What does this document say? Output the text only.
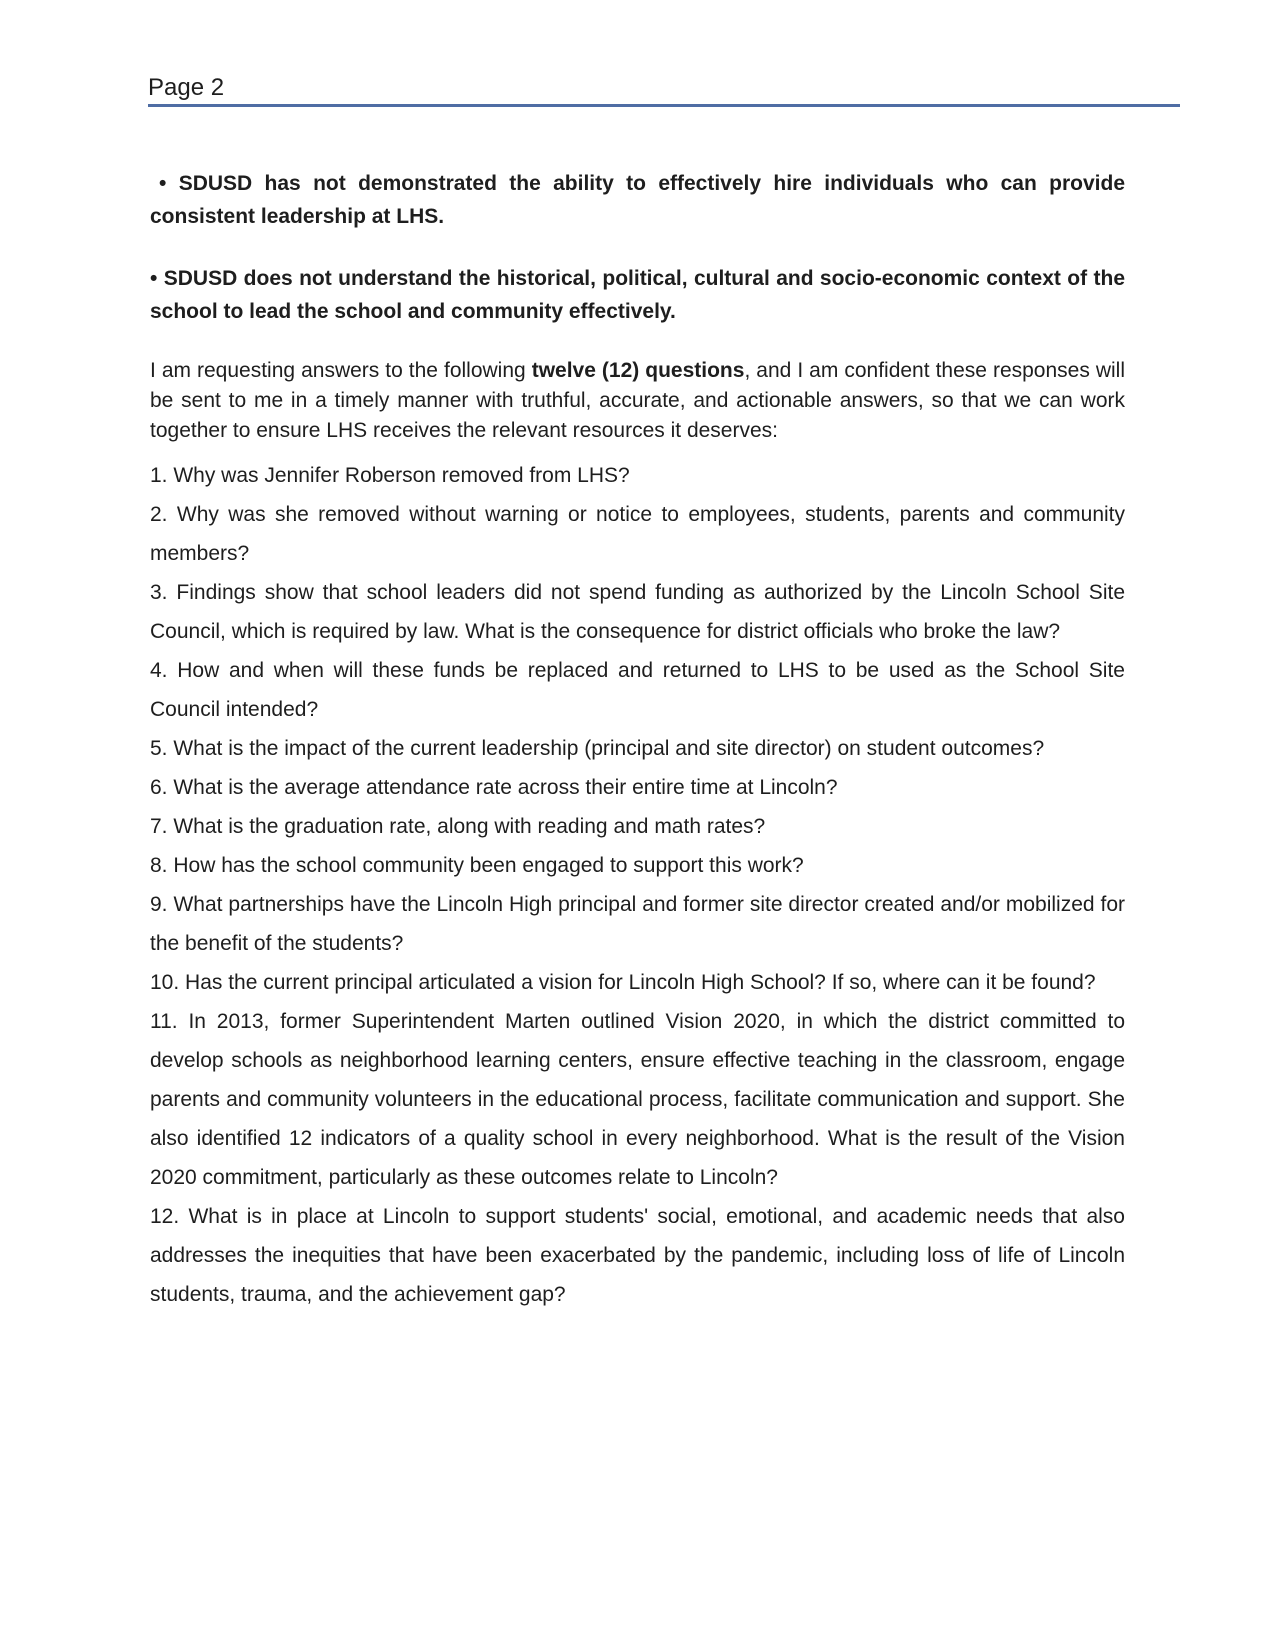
Page 2

• SDUSD has not demonstrated the ability to effectively hire individuals who can provide consistent leadership at LHS.

• SDUSD does not understand the historical, political, cultural and socio-economic context of the school to lead the school and community effectively.

I am requesting answers to the following twelve (12) questions, and I am confident these responses will be sent to me in a timely manner with truthful, accurate, and actionable answers, so that we can work together to ensure LHS receives the relevant resources it deserves:

1. Why was Jennifer Roberson removed from LHS?

2. Why was she removed without warning or notice to employees, students, parents and community members?

3. Findings show that school leaders did not spend funding as authorized by the Lincoln School Site Council, which is required by law. What is the consequence for district officials who broke the law?

4. How and when will these funds be replaced and returned to LHS to be used as the School Site Council intended?

5. What is the impact of the current leadership (principal and site director) on student outcomes?

6. What is the average attendance rate across their entire time at Lincoln?

7. What is the graduation rate, along with reading and math rates?

8. How has the school community been engaged to support this work?

9. What partnerships have the Lincoln High principal and former site director created and/or mobilized for the benefit of the students?

10. Has the current principal articulated a vision for Lincoln High School? If so, where can it be found?

11. In 2013, former Superintendent Marten outlined Vision 2020, in which the district committed to develop schools as neighborhood learning centers, ensure effective teaching in the classroom, engage parents and community volunteers in the educational process, facilitate communication and support. She also identified 12 indicators of a quality school in every neighborhood. What is the result of the Vision 2020 commitment, particularly as these outcomes relate to Lincoln?

12. What is in place at Lincoln to support students' social, emotional, and academic needs that also addresses the inequities that have been exacerbated by the pandemic, including loss of life of Lincoln students, trauma, and the achievement gap?
